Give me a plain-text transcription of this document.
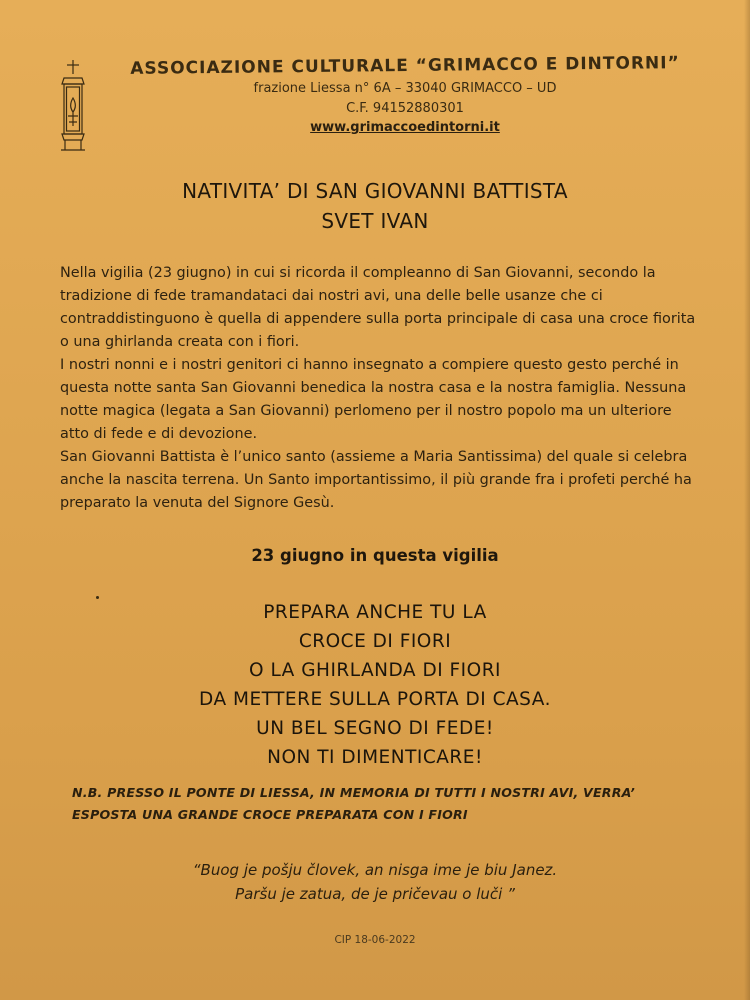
ASSOCIAZIONE CULTURALE “GRIMACCO E DINTORNI”
frazione Liessa n° 6A – 33040 GRIMACCO – UD
C.F. 94152880301
www.grimaccoedintorni.it
NATIVITA’ DI SAN GIOVANNI BATTISTA
SVET IVAN

Nella vigilia (23 giugno) in cui si ricorda il compleanno di San Giovanni, secondo la tradizione di fede tramandataci dai nostri avi, una delle belle usanze che ci contraddistinguono è quella di appendere sulla porta principale di casa una croce fiorita o una ghirlanda creata con i fiori.

I nostri nonni e i nostri genitori ci hanno insegnato a compiere questo gesto perché in questa notte santa San Giovanni benedica la nostra casa e la nostra famiglia. Nessuna notte magica (legata a San Giovanni) perlomeno per il nostro popolo ma un ulteriore atto di fede e di devozione.

San Giovanni Battista è l’unico santo (assieme a Maria Santissima) del quale si celebra anche la nascita terrena. Un Santo importantissimo, il più grande fra i profeti perché ha preparato la venuta del Signore Gesù.

23 giugno in questa vigilia
PREPARA ANCHE TU LA
CROCE DI FIORI
O LA GHIRLANDA DI FIORI
DA METTERE SULLA PORTA DI CASA.
UN BEL SEGNO DI FEDE!
NON TI DIMENTICARE!
N.B. PRESSO IL PONTE DI LIESSA, IN MEMORIA DI TUTTI I NOSTRI AVI, VERRA’
ESPOSTA UNA GRANDE CROCE PREPARATA CON I FIORI
“Buog je pošju človek, an nisga ime je biu Janez.
Paršu je zatua, de je pričevau o luči ”
CIP 18-06-2022
